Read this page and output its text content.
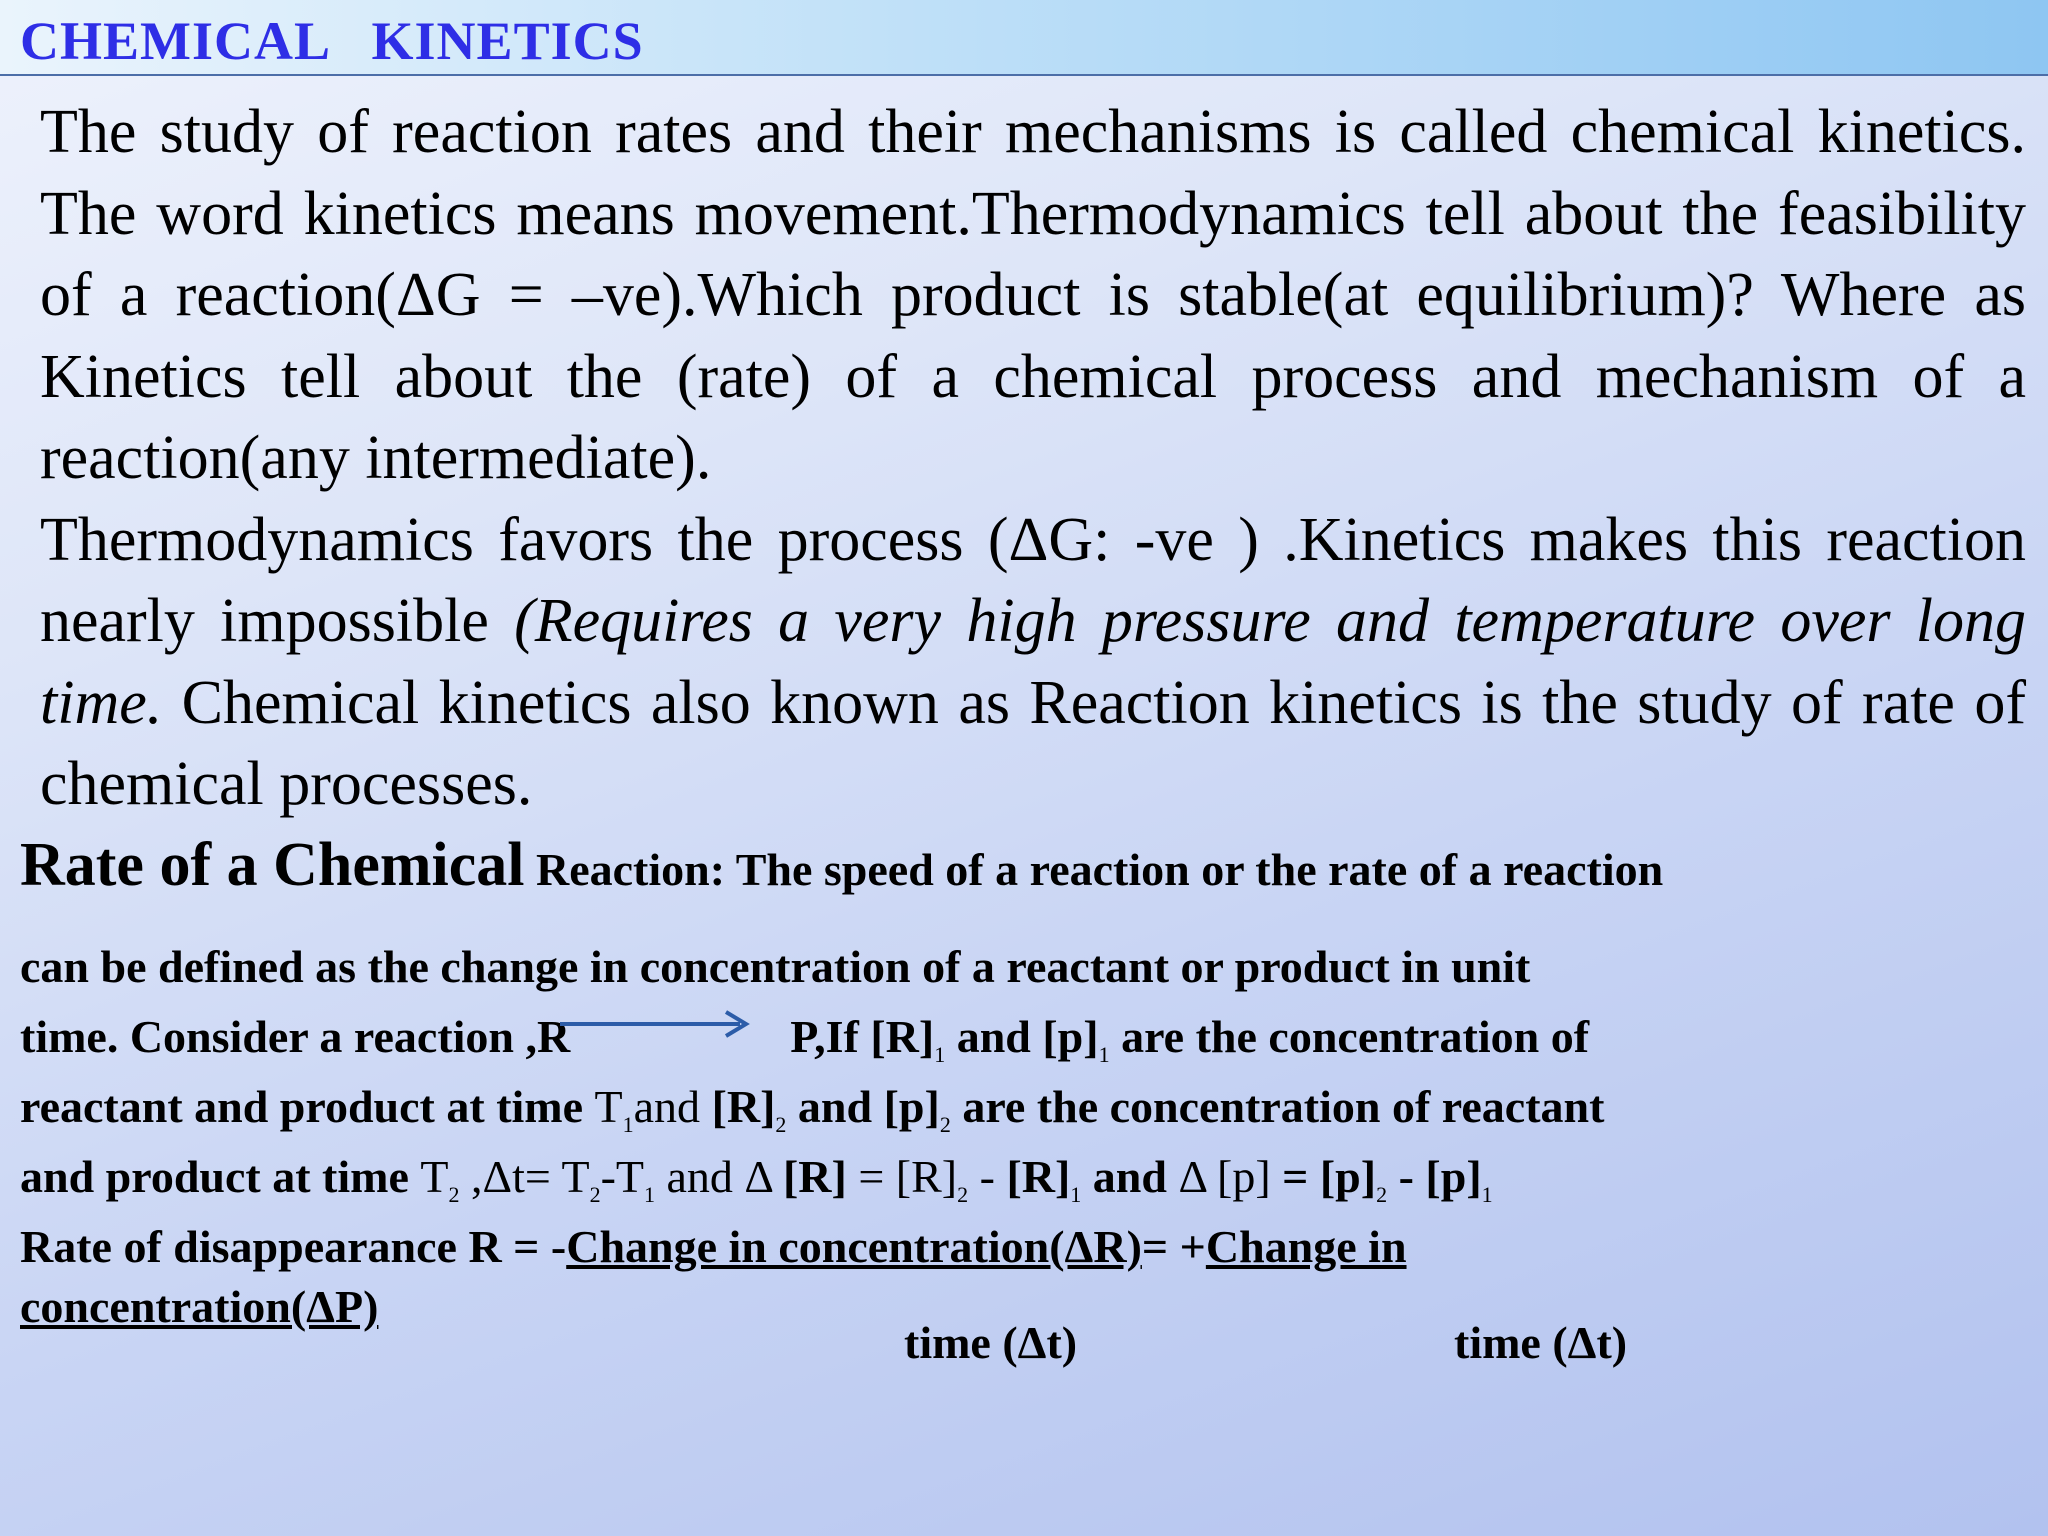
CHEMICAL   KINETICS

The study of reaction rates and their mechanisms is called chemical kinetics. The word kinetics means movement.Thermodynamics tell about the feasibility of a reaction(ΔG = –ve).Which product is stable(at equilibrium)? Where as Kinetics tell about the (rate) of a chemical process and mechanism of a reaction(any intermediate).

Thermodynamics favors the process (ΔG: -ve ) .Kinetics makes this reaction nearly impossible (Requires a very high pressure and temperature over long time. Chemical kinetics also known as Reaction kinetics is the study of rate of chemical processes.

Rate of a Chemical Reaction: The speed of a reaction or the rate of a reaction
can be defined as the change in concentration of a reactant or product in unit
time. Consider a reaction ,R	P,If $[R]_1$ and $[p]_1$ are the concentration of
reactant and product at time $T_1and$ $[R]_2$ and $[p]_2$ are the concentration of reactant
and product at time $T_2$ $,\Delta t= T_2-T_1$ and Δ $[R] = [R]_2 - [R]_1$ and Δ $[p] = [p]_2 - [p]_1$
Rate of disappearance R = -Change in concentration(ΔR)= +Change in
concentration(ΔP)
time (Δt)	time (Δt)
